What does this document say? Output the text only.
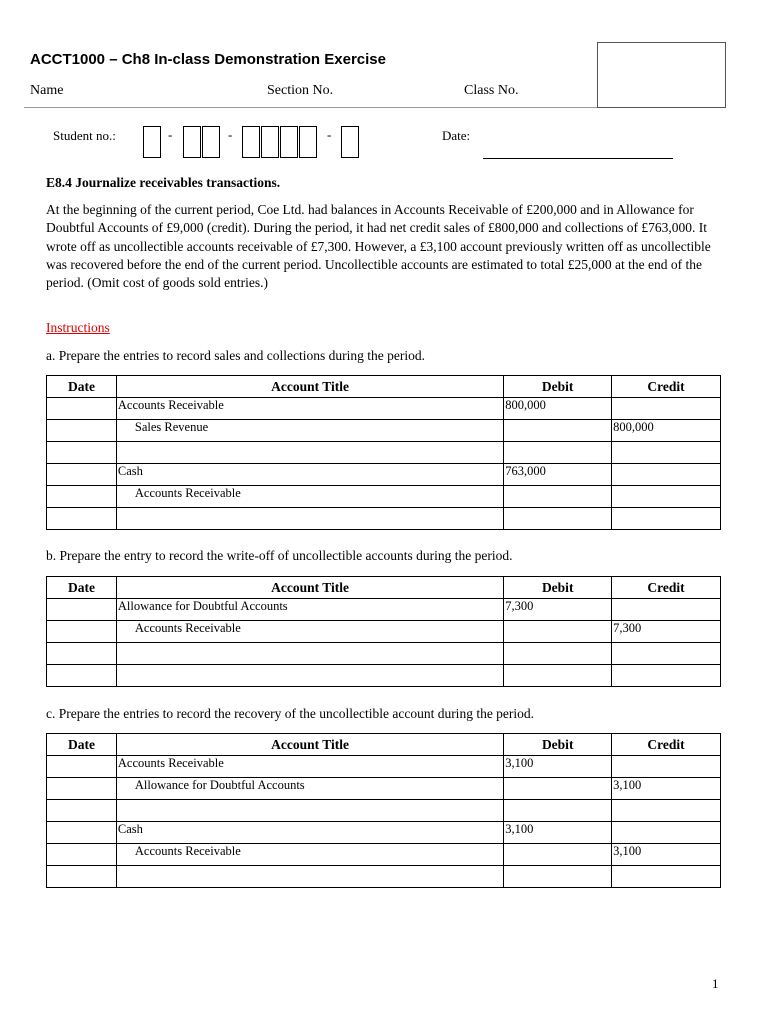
ACCT1000 – Ch8 In-class Demonstration Exercise
Name	Section No.	Class No.
Student no.:	-	-	-	Date:
E8.4 Journalize receivables transactions.
At the beginning of the current period, Coe Ltd. had balances in Accounts Receivable of £200,000 and in Allowance for Doubtful Accounts of £9,000 (credit). During the period, it had net credit sales of £800,000 and collections of £763,000. It wrote off as uncollectible accounts receivable of £7,300. However, a £3,100 account previously written off as uncollectible was recovered before the end of the current period. Uncollectible accounts are estimated to total £25,000 at the end of the period. (Omit cost of goods sold entries.)
Instructions
a. Prepare the entries to record sales and collections during the period.
Date	Account Title	Debit	Credit
	Accounts Receivable	800,000	
	Sales Revenue		800,000

	Cash	763,000	
	Accounts Receivable		

b. Prepare the entry to record the write-off of uncollectible accounts during the period.
Date	Account Title	Debit	Credit
	Allowance for Doubtful Accounts	7,300	
	Accounts Receivable		7,300

c. Prepare the entries to record the recovery of the uncollectible account during the period.
Date	Account Title	Debit	Credit
	Accounts Receivable	3,100	
	Allowance for Doubtful Accounts		3,100

	Cash	3,100	
	Accounts Receivable		3,100

1
